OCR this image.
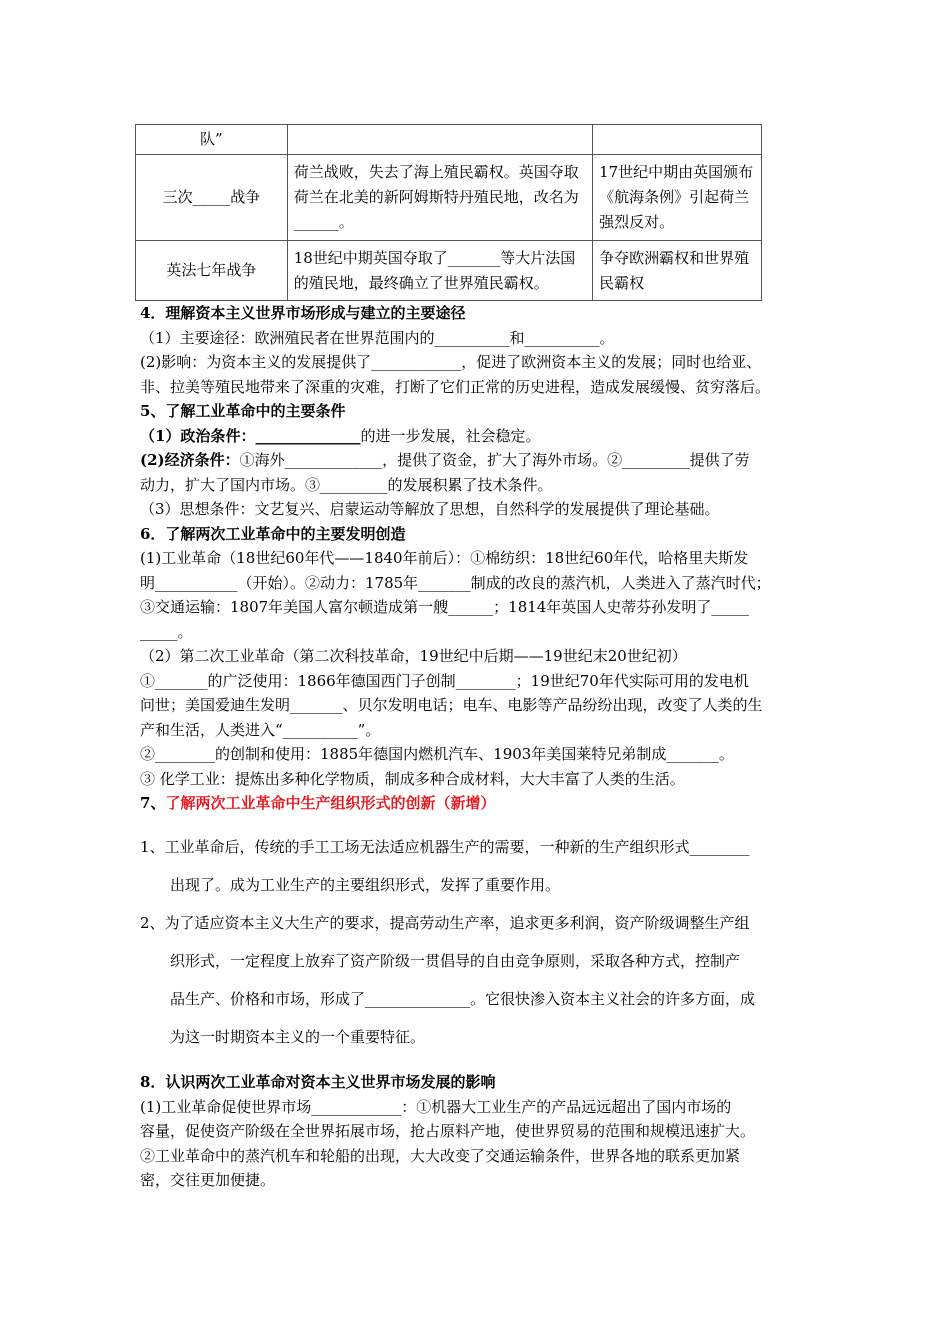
队”		
三次_____战争	荷兰战败，失去了海上殖民霸权。英国夺取荷兰在北美的新阿姆斯特丹殖民地，改名为______。	17世纪中期由英国颁布《航海条例》引起荷兰强烈反对。
英法七年战争	18世纪中期英国夺取了_______等大片法国的殖民地，最终确立了世界殖民霸权。	争夺欧洲霸权和世界殖民霸权
4．理解资本主义世界市场形成与建立的主要途径
（1）主要途径：欧洲殖民者在世界范围内的__________和__________。
(2)影响：为资本主义的发展提供了____________，促进了欧洲资本主义的发展；同时也给亚、
非、拉美等殖民地带来了深重的灾难，打断了它们正常的历史进程，造成发展缓慢、贫穷落后。
5、了解工业革命中的主要条件
（1）政治条件：______________的进一步发展，社会稳定。
(2)经济条件：①海外_____________，提供了资金，扩大了海外市场。②_________提供了劳
动力，扩大了国内市场。③_________的发展积累了技术条件。
（3）思想条件：文艺复兴、启蒙运动等解放了思想，自然科学的发展提供了理论基础。
6．了解两次工业革命中的主要发明创造
(1)工业革命（18世纪60年代——1840年前后）：①棉纺织：18世纪60年代，哈格里夫斯发
明___________（开始）。②动力：1785年_______制成的改良的蒸汽机，人类进入了蒸汽时代；
③交通运输：1807年美国人富尔顿造成第一艘______；1814年英国人史蒂芬孙发明了_____
_____。
（2）第二次工业革命（第二次科技革命，19世纪中后期——19世纪末20世纪初）
①_______的广泛使用：1866年德国西门子创制________；19世纪70年代实际可用的发电机
问世；美国爱迪生发明_______、贝尔发明电话；电车、电影等产品纷纷出现，改变了人类的生
产和生活，人类进入“__________”。
②________的创制和使用：1885年德国内燃机汽车、1903年美国莱特兄弟制成_______。
③ 化学工业：提炼出多种化学物质，制成多种合成材料，大大丰富了人类的生活。
7、了解两次工业革命中生产组织形式的创新（新增）
1、工业革命后，传统的手工工场无法适应机器生产的需要，一种新的生产组织形式________
出现了。成为工业生产的主要组织形式，发挥了重要作用。
2、为了适应资本主义大生产的要求，提高劳动生产率，追求更多利润，资产阶级调整生产组
织形式，一定程度上放弃了资产阶级一贯倡导的自由竞争原则，采取各种方式，控制产
品生产、价格和市场，形成了______________。它很快渗入资本主义社会的许多方面，成
为这一时期资本主义的一个重要特征。
8．认识两次工业革命对资本主义世界市场发展的影响
(1)工业革命促使世界市场____________：①机器大工业生产的产品远远超出了国内市场的
容量，促使资产阶级在全世界拓展市场，抢占原料产地，使世界贸易的范围和规模迅速扩大。
②工业革命中的蒸汽机车和轮船的出现，大大改变了交通运输条件，世界各地的联系更加紧
密，交往更加便捷。
